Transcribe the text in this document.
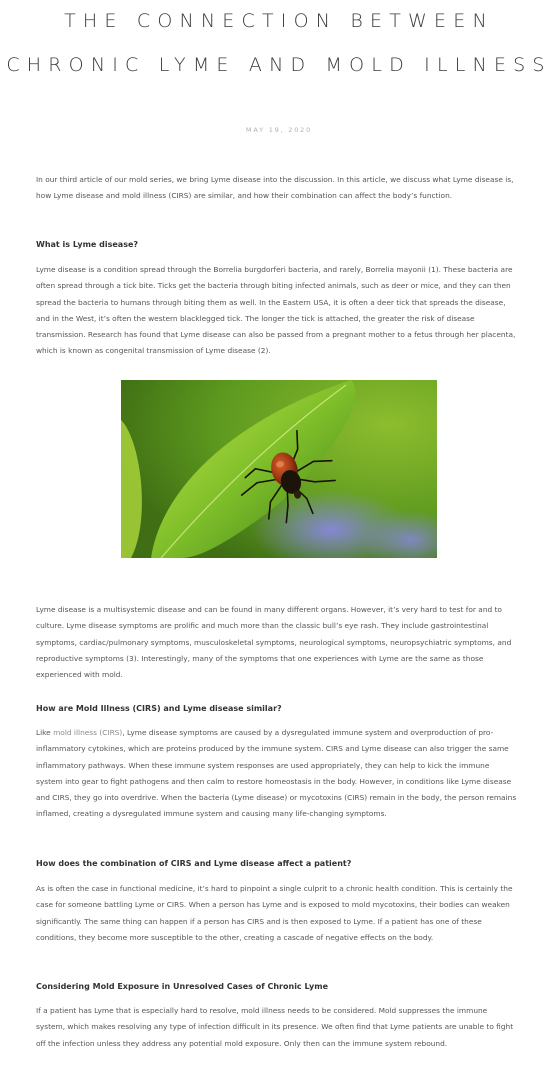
THE CONNECTION BETWEEN
CHRONIC LYME AND MOLD ILLNESS
MAY 19, 2020

In our third article of our mold series, we bring Lyme disease into the discussion. In this article, we discuss what Lyme disease is, how Lyme disease and mold illness (CIRS) are similar, and how their combination can affect the body’s function.

What is Lyme disease?

Lyme disease is a condition spread through the Borrelia burgdorferi bacteria, and rarely, Borrelia mayonii (1). These bacteria are often spread through a tick bite. Ticks get the bacteria through biting infected animals, such as deer or mice, and they can then spread the bacteria to humans through biting them as well. In the Eastern USA, it is often a deer tick that spreads the disease, and in the West, it’s often the western blacklegged tick. The longer the tick is attached, the greater the risk of disease transmission. Research has found that Lyme disease can also be passed from a pregnant mother to a fetus through her placenta, which is known as congenital transmission of Lyme disease (2).

Lyme disease is a multisystemic disease and can be found in many different organs. However, it’s very hard to test for and to culture. Lyme disease symptoms are prolific and much more than the classic bull’s eye rash. They include gastrointestinal symptoms, cardiac/pulmonary symptoms, musculoskeletal symptoms, neurological symptoms, neuropsychiatric symptoms, and reproductive symptoms (3). Interestingly, many of the symptoms that one experiences with Lyme are the same as those experienced with mold.

How are Mold Illness (CIRS) and Lyme disease similar?

Like mold illness (CIRS), Lyme disease symptoms are caused by a dysregulated immune system and overproduction of pro-inflammatory cytokines, which are proteins produced by the immune system. CIRS and Lyme disease can also trigger the same inflammatory pathways. When these immune system responses are used appropriately, they can help to kick the immune system into gear to fight pathogens and then calm to restore homeostasis in the body. However, in conditions like Lyme disease and CIRS, they go into overdrive. When the bacteria (Lyme disease) or mycotoxins (CIRS) remain in the body, the person remains inflamed, creating a dysregulated immune system and causing many life-changing symptoms.

How does the combination of CIRS and Lyme disease affect a patient?

As is often the case in functional medicine, it’s hard to pinpoint a single culprit to a chronic health condition. This is certainly the case for someone battling Lyme or CIRS. When a person has Lyme and is exposed to mold mycotoxins, their bodies can weaken significantly. The same thing can happen if a person has CIRS and is then exposed to Lyme. If a patient has one of these conditions, they become more susceptible to the other, creating a cascade of negative effects on the body.

Considering Mold Exposure in Unresolved Cases of Chronic Lyme

If a patient has Lyme that is especially hard to resolve, mold illness needs to be considered. Mold suppresses the immune system, which makes resolving any type of infection difficult in its presence. We often find that Lyme patients are unable to fight off the infection unless they address any potential mold exposure. Only then can the immune system rebound.
